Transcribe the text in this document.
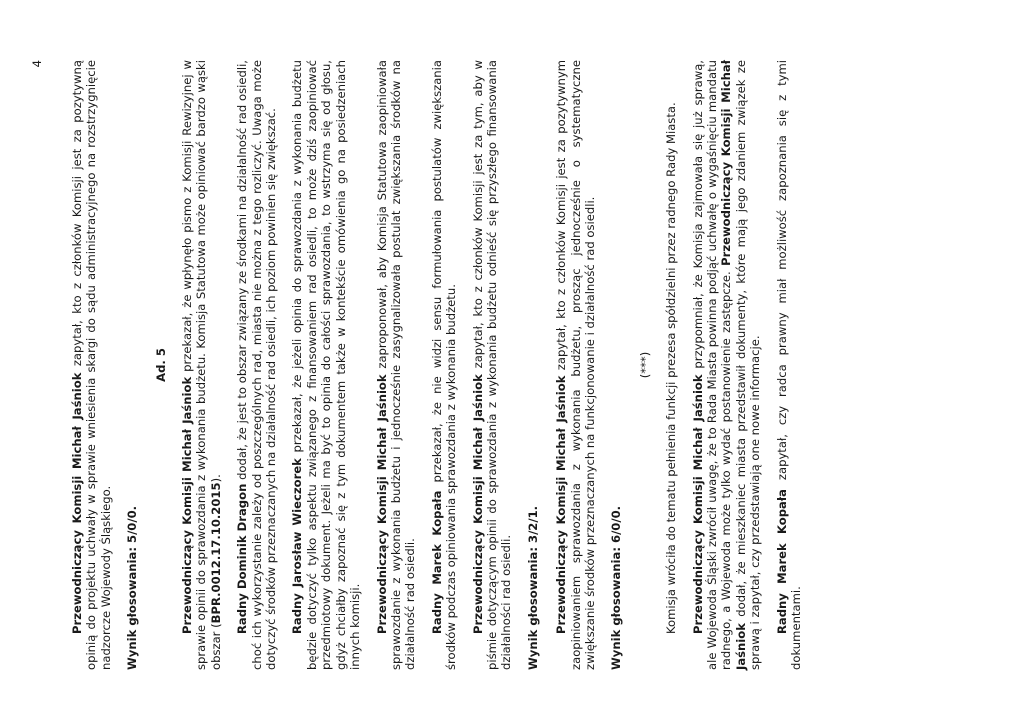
Przewodniczący Komisji Michał Jaśniok zapytał, kto z członków Komisji jest za pozytywną opinią do projektu uchwały w sprawie wniesienia skargi do sądu administracyjnego na rozstrzygnięcie nadzorcze Wojewody Śląskiego. Wynik głosowania: 5/0/0.

Ad. 5

Przewodniczący Komisji Michał Jaśniok przekazał, że wpłynęło pismo z Komisji Rewizyjnej w sprawie opinii do sprawozdania z wykonania budżetu. Komisja Statutowa może opiniować bardzo wąski obszar (BPR.0012.17.10.2015).

Radny Dominik Dragon dodał, że jest to obszar związany ze środkami na działalność rad osiedli, choć ich wykorzystanie zależy od poszczególnych rad, miasta nie można z tego rozliczyć. Uwaga może dotyczyć środków przeznaczanych na działalność rad osiedli, ich poziom powinien się zwiększać. Radny Jarosław Wieczorek przekazał, że jeżeli opinia do sprawozdania z wykonania budżetu będzie dotyczyć tylko aspektu związanego z finansowaniem rad osiedli, to może dziś zaopiniować przedmiotowy dokument. Jeżeli ma być to opinia do całości sprawozdania, to wstrzyma się od głosu, gdyż chciałby zapoznać się z tym dokumentem także w kontekście omówienia go na posiedzeniach innych komisji. Przewodniczący Komisji Michał Jaśniok zaproponował, aby Komisja Statutowa zaopiniowała sprawozdanie z wykonania budżetu i jednocześnie zasygnalizowała postulat zwiększania środków na działalność rad osiedli. Radny Marek Kopała przekazał, że nie widzi sensu formułowania postulatów zwiększania środków podczas opiniowania sprawozdania z wykonania budżetu. Przewodniczący Komisji Michał Jaśniok zapytał, kto z członków Komisji jest za tym, aby w piśmie dotyczącym opinii do sprawozdania z wykonania budżetu odnieść się przyszłego finansowania działalności rad osiedli. Wynik głosowania: 3/2/1. Przewodniczący Komisji Michał Jaśniok zapytał, kto z członków Komisji jest za pozytywnym zaopiniowaniem sprawozdania z wykonania budżetu, prosząc jednocześnie o systematyczne zwiększanie środków przeznaczanych na funkcjonowanie i działalność rad osiedli. Wynik głosowania: 6/0/0.

(***) Komisja wróciła do tematu pełnienia funkcji prezesa spółdzielni przez radnego Rady Miasta. Przewodniczący Komisji Michał Jaśniok przypomniał, że Komisja zajmowała się już sprawą, ale Wojewoda Śląski zwrócił uwagę, że to Rada Miasta powinna podjąć uchwałę o wygaśnięciu mandatu radnego, a Wojewoda może tylko wydać postanowienie zastępcze. Przewodniczący Komisji Michał Jaśniok dodał, że mieszkaniec miasta przedstawił dokumenty, które mają jego zdaniem związek ze sprawą i zapytał, czy przedstawiają one nowe informacje. Radny Marek Kopała zapytał, czy radca prawny miał możliwość zapoznania się z tymi dokumentami.

4
